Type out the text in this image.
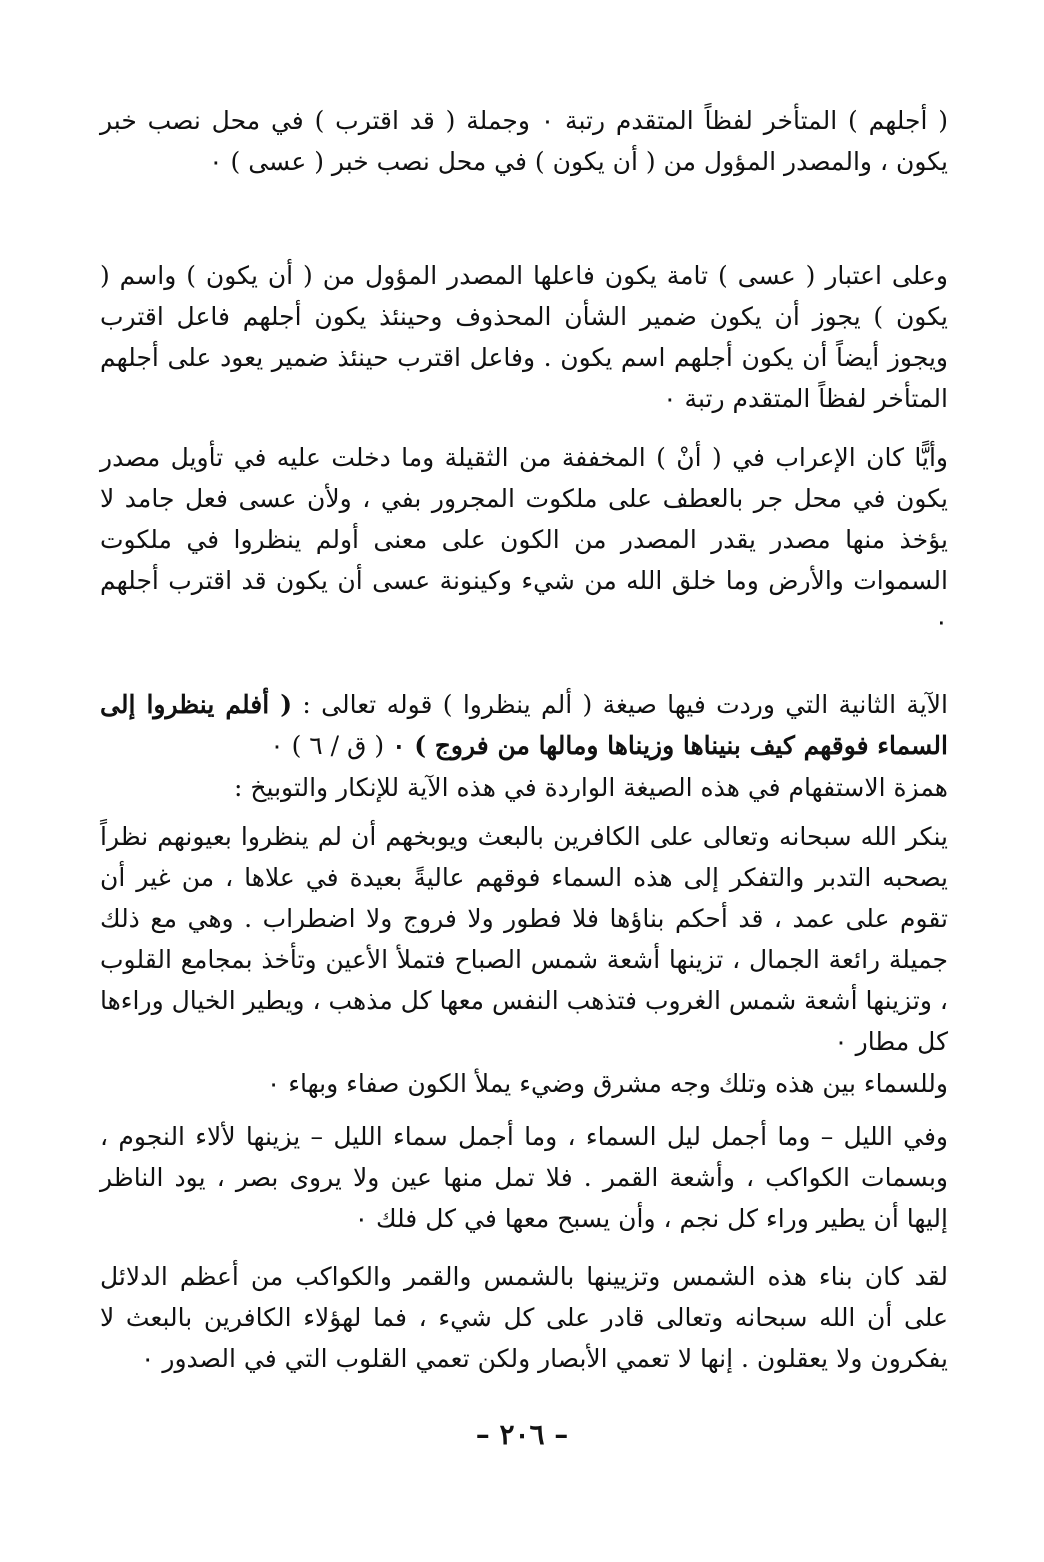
( أجلهم ) المتأخر لفظاً المتقدم رتبة ٠ وجملة ( قد اقترب ) في محل نصب خبر يكون ، والمصدر المؤول من ( أن يكون ) في محل نصب خبر ( عسى ) ٠

وعلى اعتبار ( عسى ) تامة يكون فاعلها المصدر المؤول من ( أن يكون ) واسم ( يكون ) يجوز أن يكون ضمير الشأن المحذوف وحينئذ يكون أجلهم فاعل اقترب ويجوز أيضاً أن يكون أجلهم اسم يكون . وفاعل اقترب حينئذ ضمير يعود على أجلهم المتأخر لفظاً المتقدم رتبة ٠

وأيًّا كان الإعراب في ( أنْ ) المخففة من الثقيلة وما دخلت عليه في تأويل مصدر يكون في محل جر بالعطف على ملكوت المجرور بفي ، ولأن عسى فعل جامد لا يؤخذ منها مصدر يقدر المصدر من الكون على معنى أولم ينظروا في ملكوت السموات والأرض وما خلق الله من شيء وكينونة عسى أن يكون قد اقترب أجلهم ٠

الآية الثانية التي وردت فيها صيغة ( ألم ينظروا ) قوله تعالى : ( أفلم ينظروا إلى السماء فوقهم كيف بنيناها وزيناها ومالها من فروج ) ٠ ( ق / ٦ ) ٠

همزة الاستفهام في هذه الصيغة الواردة في هذه الآية للإنكار والتوبيخ :

ينكر الله سبحانه وتعالى على الكافرين بالبعث ويوبخهم أن لم ينظروا بعيونهم نظراً يصحبه التدبر والتفكر إلى هذه السماء فوقهم عاليةً بعيدة في علاها ، من غير أن تقوم على عمد ، قد أحكم بناؤها فلا فطور ولا فروج ولا اضطراب . وهي مع ذلك جميلة رائعة الجمال ، تزينها أشعة شمس الصباح فتملأ الأعين وتأخذ بمجامع القلوب ، وتزينها أشعة شمس الغروب فتذهب النفس معها كل مذهب ، ويطير الخيال وراءها كل مطار ٠

وللسماء بين هذه وتلك وجه مشرق وضيء يملأ الكون صفاء وبهاء ٠

وفي الليل – وما أجمل ليل السماء ، وما أجمل سماء الليل – يزينها لألاء النجوم ، وبسمات الكواكب ، وأشعة القمر . فلا تمل منها عين ولا يروى بصر ، يود الناظر إليها أن يطير وراء كل نجم ، وأن يسبح معها في كل فلك ٠

لقد كان بناء هذه الشمس وتزيينها بالشمس والقمر والكواكب من أعظم الدلائل على أن الله سبحانه وتعالى قادر على كل شيء ، فما لهؤلاء الكافرين بالبعث لا يفكرون ولا يعقلون . إنها لا تعمي الأبصار ولكن تعمي القلوب التي في الصدور ٠

– ٢٠٦ –
